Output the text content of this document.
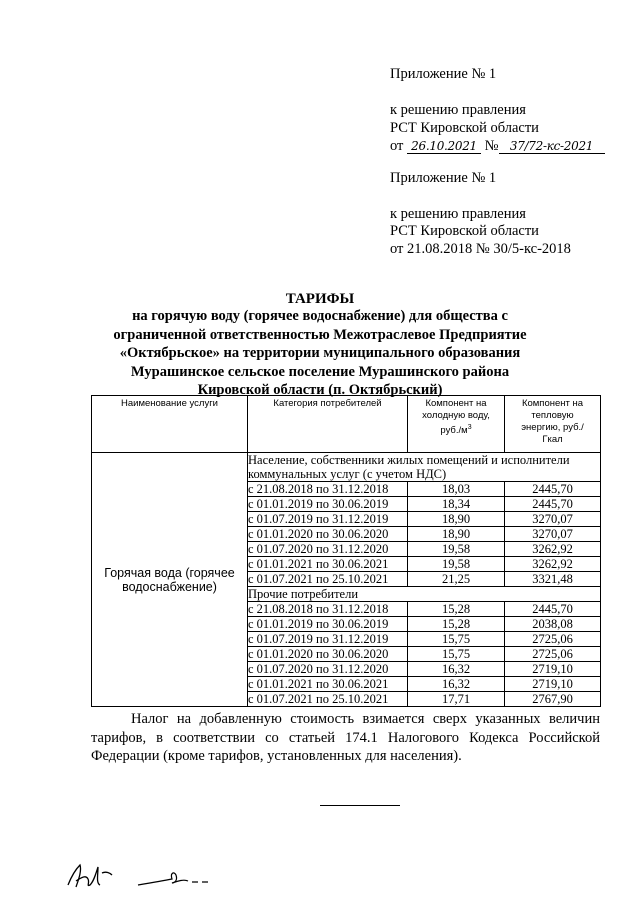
Приложение № 1
к решению правления
РСТ Кировской области
от 26.10.2021 № 37/72-кс-2021
Приложение № 1
к решению правления
РСТ Кировской области
от 21.08.2018 № 30/5-кс-2018
ТАРИФЫ
на горячую воду (горячее водоснабжение) для общества с ограниченной ответственностью Межотраслевое Предприятие «Октябрьское» на территории муниципального образования Мурашинское сельское поселение Мурашинского района Кировской области (п. Октябрьский)
Наименование услуги	Категория потребителей	Компонент на холодную воду, $руб./м^3$	Компонент на тепловую энергию, руб./Гкал
Горячая вода (горячее водоснабжение)	Население, собственники жилых помещений и исполнители коммунальных услуг (с учетом НДС)		
	с 21.08.2018 по 31.12.2018	18,03	2445,70
	с 01.01.2019 по 30.06.2019	18,34	2445,70
	с 01.07.2019 по 31.12.2019	18,90	3270,07
	с 01.01.2020 по 30.06.2020	18,90	3270,07
	с 01.07.2020 по 31.12.2020	19,58	3262,92
	с 01.01.2021 по 30.06.2021	19,58	3262,92
	с 01.07.2021 по 25.10.2021	21,25	3321,48
	Прочие потребители		
	с 21.08.2018 по 31.12.2018	15,28	2445,70
	с 01.01.2019 по 30.06.2019	15,28	2038,08
	с 01.07.2019 по 31.12.2019	15,75	2725,06
	с 01.01.2020 по 30.06.2020	15,75	2725,06
	с 01.07.2020 по 31.12.2020	16,32	2719,10
	с 01.01.2021 по 30.06.2021	16,32	2719,10
	с 01.07.2021 по 25.10.2021	17,71	2767,90
Налог на добавленную стоимость взимается сверх указанных величин тарифов, в соответствии со статьей 174.1 Налогового Кодекса Российской Федерации (кроме тарифов, установленных для населения).
